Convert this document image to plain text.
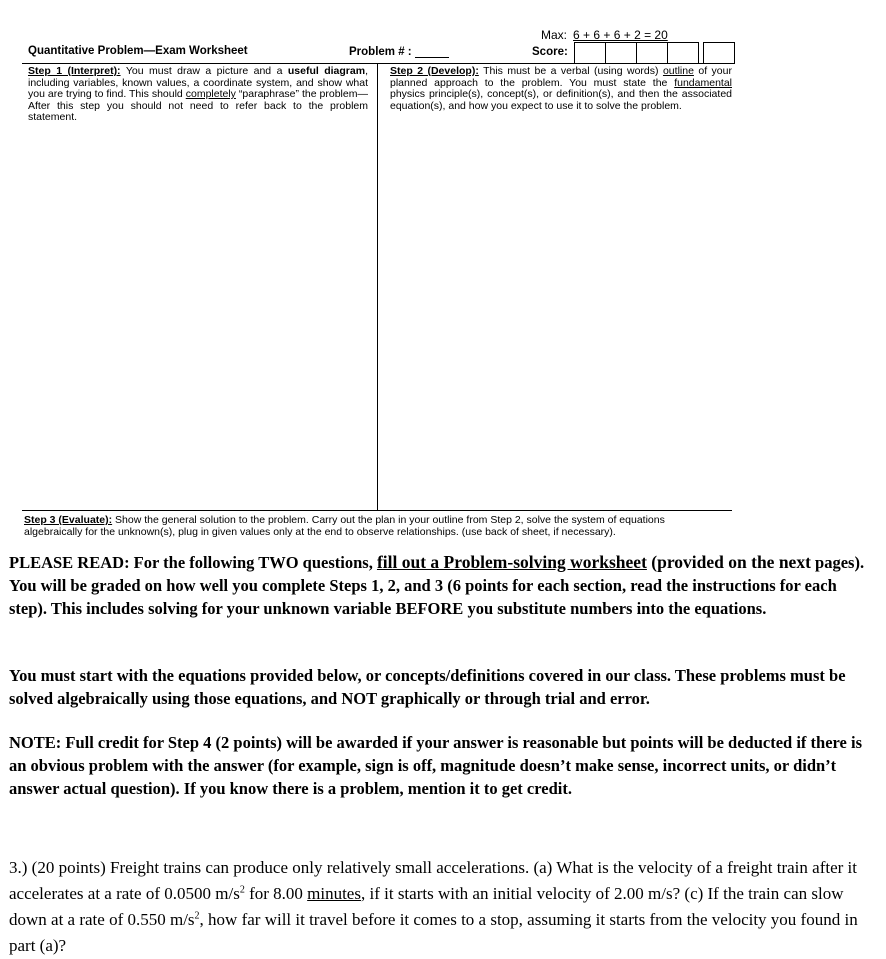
Max: 6 + 6 + 6 + 2 = 20
Quantitative Problem—Exam Worksheet	Problem # :	Score:
Step 1 (Interpret): You must draw a picture and a useful diagram, including variables, known values, a coordinate system, and show what you are trying to find. This should completely “paraphrase” the problem—After this step you should not need to refer back to the problem statement.
Step 2 (Develop): This must be a verbal (using words) outline of your planned approach to the problem. You must state the fundamental physics principle(s), concept(s), or definition(s), and then the associated equation(s), and how you expect to use it to solve the problem.
Step 3 (Evaluate): Show the general solution to the problem. Carry out the plan in your outline from Step 2, solve the system of equations algebraically for the unknown(s), plug in given values only at the end to observe relationships. (use back of sheet, if necessary).
PLEASE READ: For the following TWO questions, fill out a Problem-solving worksheet (provided on the next pages). You will be graded on how well you complete Steps 1, 2, and 3 (6 points for each section, read the instructions for each step). This includes solving for your unknown variable BEFORE you substitute numbers into the equations.
You must start with the equations provided below, or concepts/definitions covered in our class. These problems must be solved algebraically using those equations, and NOT graphically or through trial and error.
NOTE: Full credit for Step 4 (2 points) will be awarded if your answer is reasonable but points will be deducted if there is an obvious problem with the answer (for example, sign is off, magnitude doesn’t make sense, incorrect units, or didn’t answer actual question). If you know there is a problem, mention it to get credit.
3.) (20 points) Freight trains can produce only relatively small accelerations. (a) What is the velocity of a freight train after it accelerates at a rate of 0.0500 $m/s^2$ for 8.00 minutes, if it starts with an initial velocity of 2.00 m/s? (c) If the train can slow down at a rate of 0.550 $m/s^2$, how far will it travel before it comes to a stop, assuming it starts from the velocity you found in part (a)?
